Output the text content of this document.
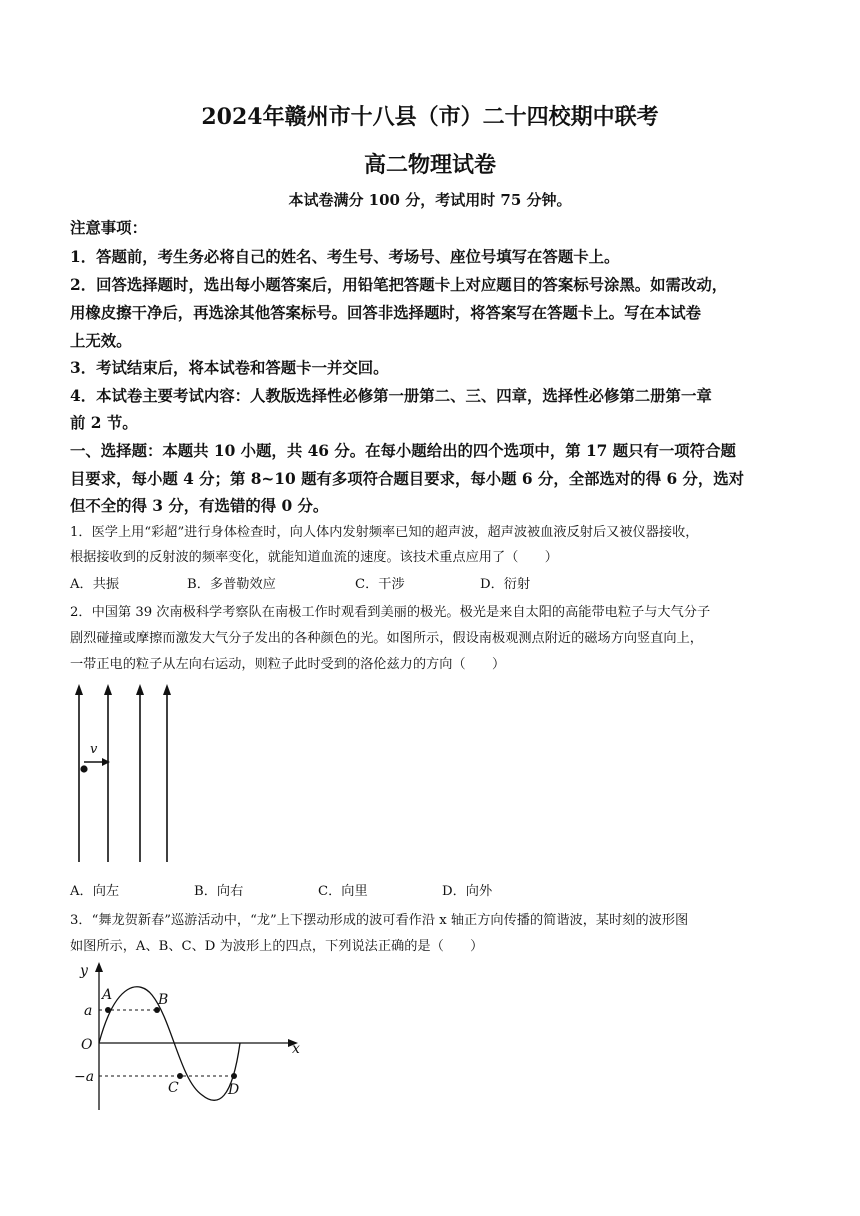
2024年赣州市十八县（市）二十四校期中联考
高二物理试卷
本试卷满分 100 分，考试用时 75 分钟。
注意事项：
1．答题前，考生务必将自己的姓名、考生号、考场号、座位号填写在答题卡上。
2．回答选择题时，选出每小题答案后，用铅笔把答题卡上对应题目的答案标号涂黑。如需改动，
用橡皮擦干净后，再选涂其他答案标号。回答非选择题时，将答案写在答题卡上。写在本试卷
上无效。
3．考试结束后，将本试卷和答题卡一并交回。
4．本试卷主要考试内容：人教版选择性必修第一册第二、三、四章，选择性必修第二册第一章
前 2 节。
一、选择题：本题共 10 小题，共 46 分。在每小题给出的四个选项中，第 17 题只有一项符合题
目要求，每小题 4 分；第 8~10 题有多项符合题目要求，每小题 6 分，全部选对的得 6 分，选对
但不全的得 3 分，有选错的得 0 分。
1．医学上用“彩超”进行身体检查时，向人体内发射频率已知的超声波，超声波被血液反射后又被仪器接收，
根据接收到的反射波的频率变化，就能知道血流的速度。该技术重点应用了（　　）
A．共振	B．多普勒效应	C．干涉	D．衍射
2．中国第 39 次南极科学考察队在南极工作时观看到美丽的极光。极光是来自太阳的高能带电粒子与大气分子
剧烈碰撞或摩擦而激发大气分子发出的各种颜色的光。如图所示，假设南极观测点附近的磁场方向竖直向上，
一带正电的粒子从左向右运动，则粒子此时受到的洛伦兹力的方向（　　）
v
A．向左	B．向右	C．向里	D．向外
3．“舞龙贺新春”巡游活动中，“龙”上下摆动形成的波可看作沿 x 轴正方向传播的简谐波，某时刻的波形图
如图所示，A、B、C、D 为波形上的四点，下列说法正确的是（　　）
y
x
O
a
−a
A	B
C	D
